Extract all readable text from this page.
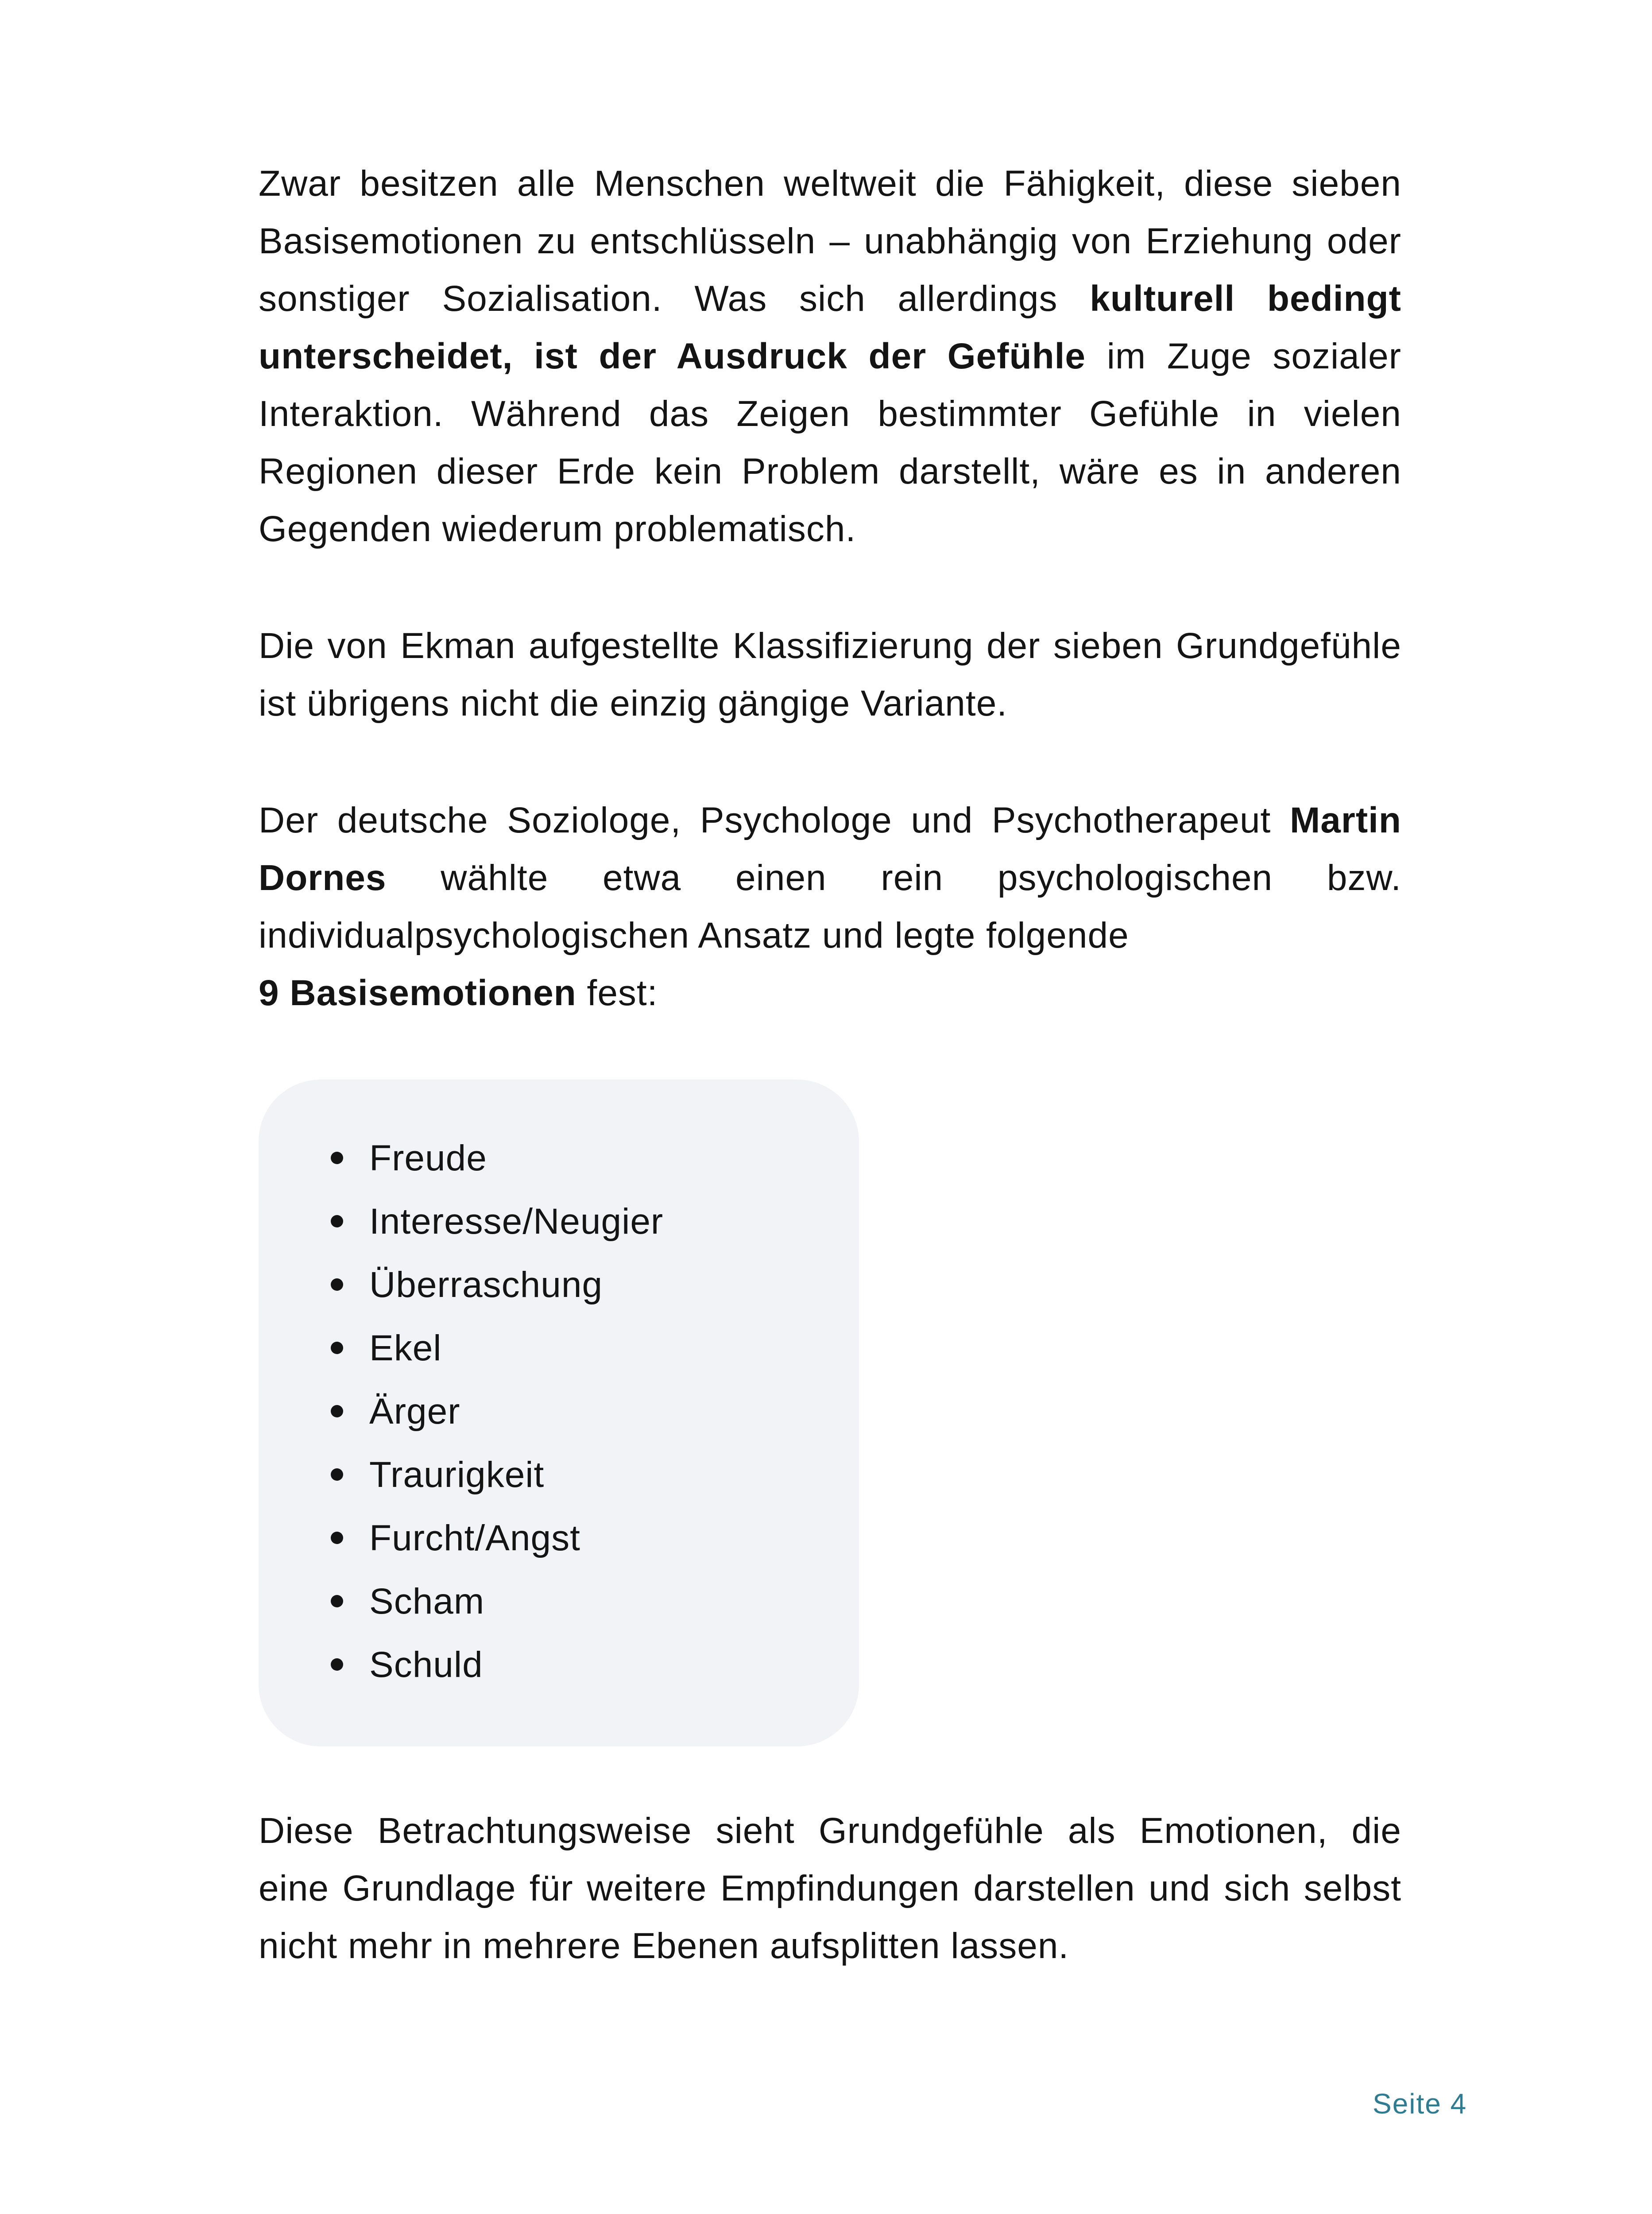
Zwar besitzen alle Menschen weltweit die Fähigkeit, diese sieben Basisemotionen zu entschlüsseln – unabhängig von Erziehung oder sonstiger Sozialisation. Was sich allerdings kulturell bedingt unterscheidet, ist der Ausdruck der Gefühle im Zuge sozialer Interaktion. Während das Zeigen bestimmter Gefühle in vielen Regionen dieser Erde kein Problem darstellt, wäre es in anderen Gegenden wiederum problematisch.

Die von Ekman aufgestellte Klassifizierung der sieben Grundgefühle ist übrigens nicht die einzig gängige Variante.

Der deutsche Soziologe, Psychologe und Psychotherapeut Martin Dornes wählte etwa einen rein psychologischen bzw. individualpsychologischen Ansatz und legte folgende
9 Basisemotionen fest:

Freude
Interesse/Neugier
Überraschung
Ekel
Ärger
Traurigkeit
Furcht/Angst
Scham
Schuld

Diese Betrachtungsweise sieht Grundgefühle als Emotionen, die eine Grundlage für weitere Empfindungen darstellen und sich selbst nicht mehr in mehrere Ebenen aufsplitten lassen.

Seite 4
